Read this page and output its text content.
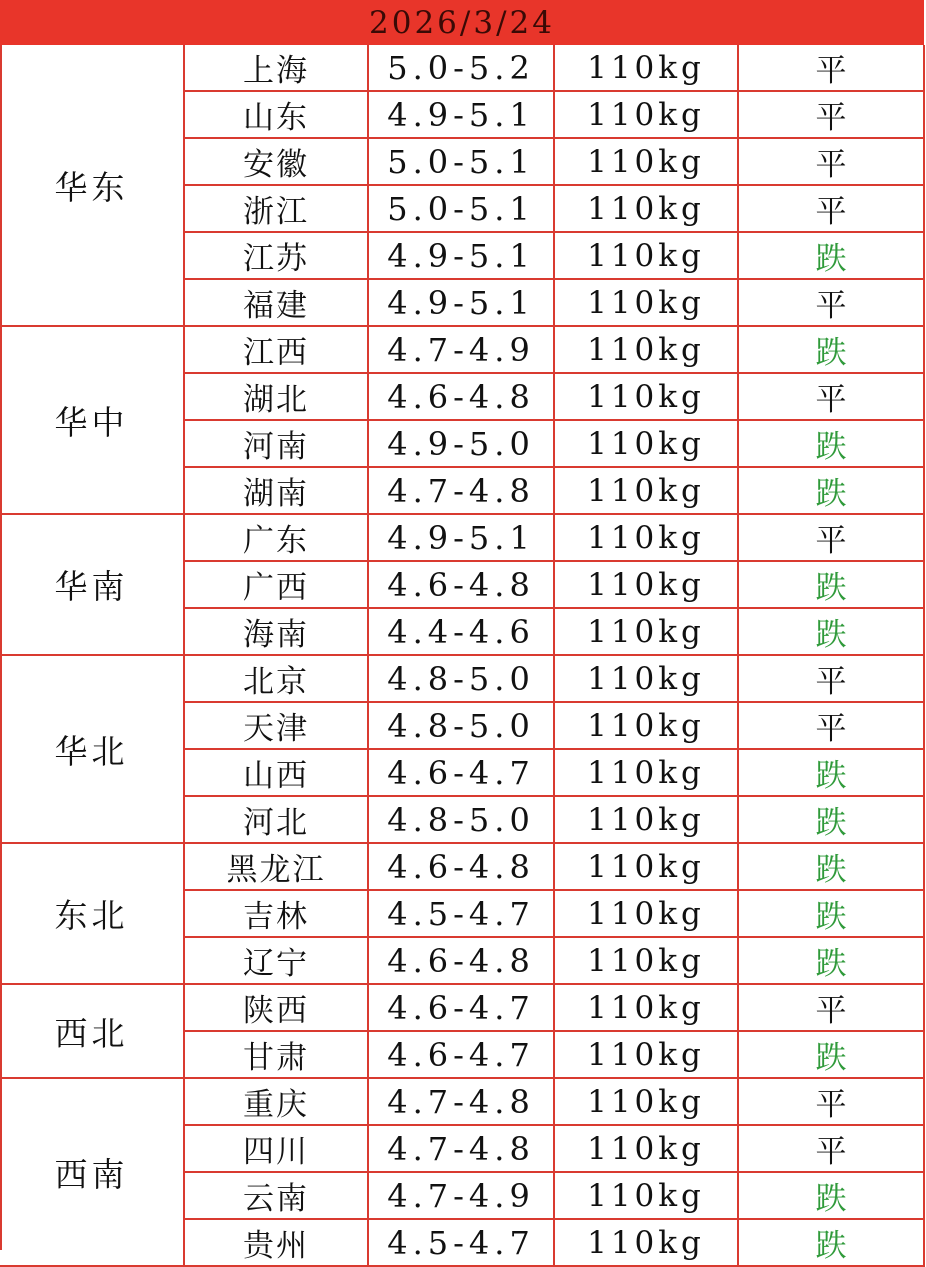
2026/3/24
华东	上海	5.0-5.2	110kg	平
	山东	4.9-5.1	110kg	平
	安徽	5.0-5.1	110kg	平
	浙江	5.0-5.1	110kg	平
	江苏	4.9-5.1	110kg	跌
	福建	4.9-5.1	110kg	平
华中	江西	4.7-4.9	110kg	跌
	湖北	4.6-4.8	110kg	平
	河南	4.9-5.0	110kg	跌
	湖南	4.7-4.8	110kg	跌
华南	广东	4.9-5.1	110kg	平
	广西	4.6-4.8	110kg	跌
	海南	4.4-4.6	110kg	跌
华北	北京	4.8-5.0	110kg	平
	天津	4.8-5.0	110kg	平
	山西	4.6-4.7	110kg	跌
	河北	4.8-5.0	110kg	跌
东北	黑龙江	4.6-4.8	110kg	跌
	吉林	4.5-4.7	110kg	跌
	辽宁	4.6-4.8	110kg	跌
西北	陕西	4.6-4.7	110kg	平
	甘肃	4.6-4.7	110kg	跌
西南	重庆	4.7-4.8	110kg	平
	四川	4.7-4.8	110kg	平
	云南	4.7-4.9	110kg	跌
	贵州	4.5-4.7	110kg	跌
